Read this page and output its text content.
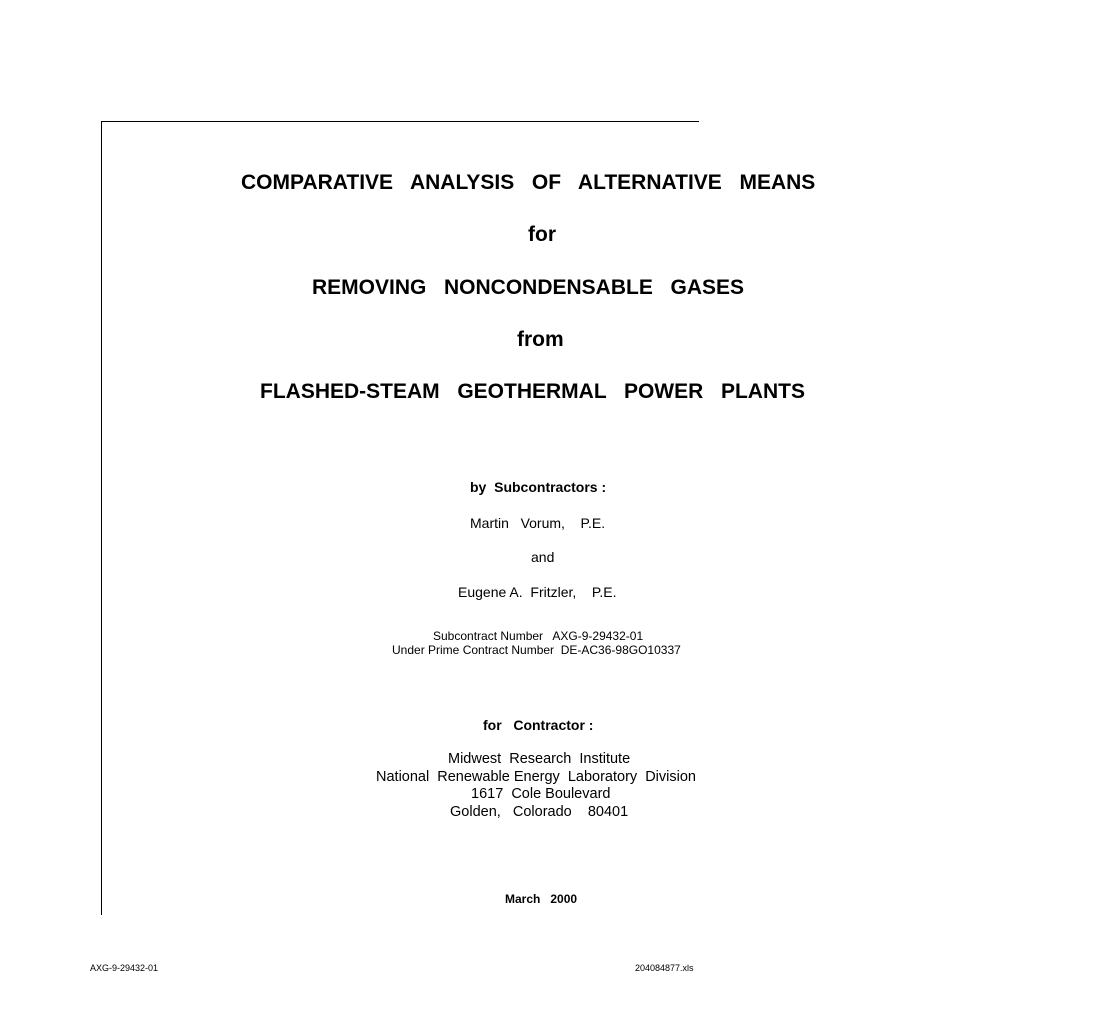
COMPARATIVE  ANALYSIS  OF  ALTERNATIVE  MEANS
for
REMOVING  NONCONDENSABLE  GASES
from
FLASHED-STEAM  GEOTHERMAL  POWER  PLANTS
by  Subcontractors :
Martin   Vorum,    P.E.
and
Eugene A.  Fritzler,    P.E.
Subcontract Number   AXG-9-29432-01
Under Prime Contract Number  DE-AC36-98GO10337
for   Contractor :
Midwest  Research  Institute
National  Renewable Energy  Laboratory  Division
1617  Cole Boulevard
Golden,   Colorado    80401
March   2000
AXG-9-29432-01	204084877.xls
